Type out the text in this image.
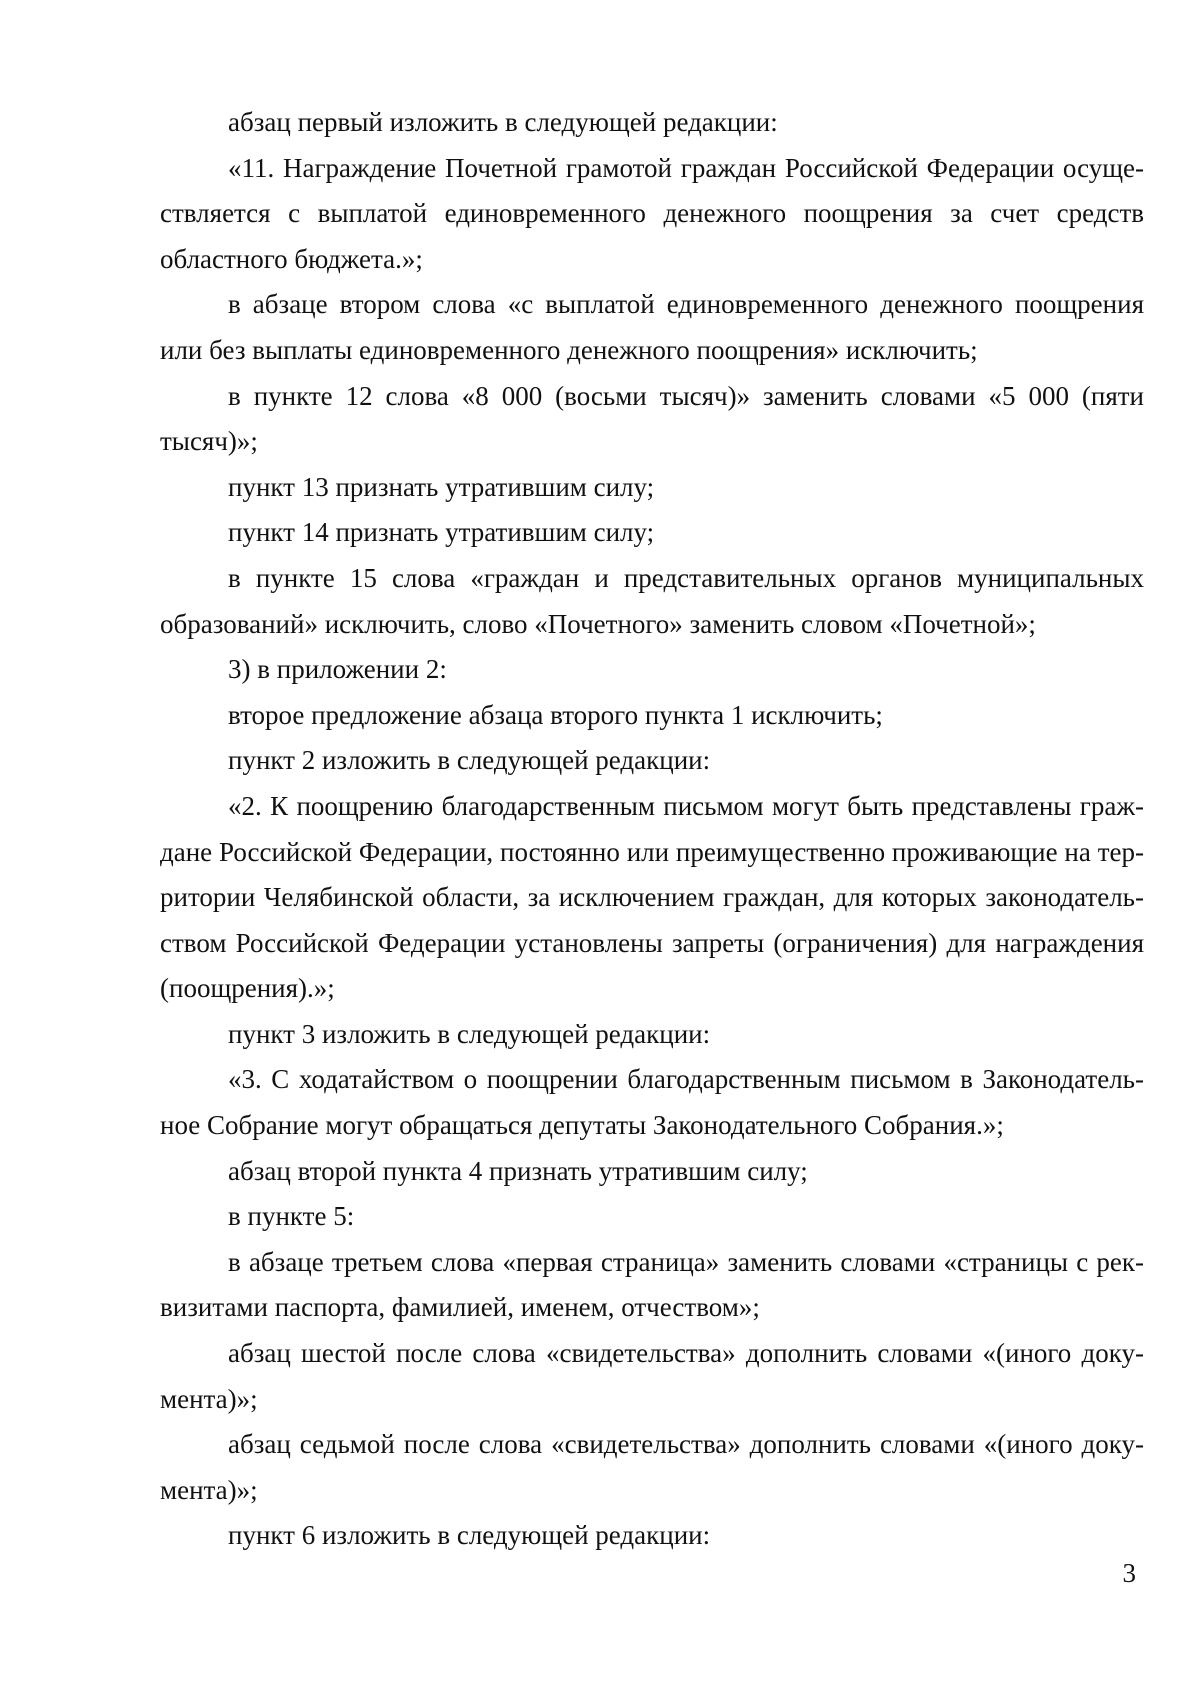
абзац первый изложить в следующей редакции:

«11. Награждение Почетной грамотой граждан Российской Федерации осуществляется с выплатой единовременного денежного поощрения за счет средств областного бюджета.»;

в абзаце втором слова «с выплатой единовременного денежного поощрения или без выплаты единовременного денежного поощрения» исключить;

в пункте 12 слова «8 000 (восьми тысяч)» заменить словами «5 000 (пяти тысяч)»;

пункт 13 признать утратившим силу;

пункт 14 признать утратившим силу;

в пункте 15 слова «граждан и представительных органов муниципальных образований» исключить, слово «Почетного» заменить словом «Почетной»;

3) в приложении 2:

второе предложение абзаца второго пункта 1 исключить;

пункт 2 изложить в следующей редакции:

«2. К поощрению благодарственным письмом могут быть представлены граждане Российской Федерации, постоянно или преимущественно проживающие на территории Челябинской области, за исключением граждан, для которых законодательством Российской Федерации установлены запреты (ограничения) для награждения (поощрения).»;

пункт 3 изложить в следующей редакции:

«3. С ходатайством о поощрении благодарственным письмом в Законодательное Собрание могут обращаться депутаты Законодательного Собрания.»;

абзац второй пункта 4 признать утратившим силу;

в пункте 5:

в абзаце третьем слова «первая страница» заменить словами «страницы с реквизитами паспорта, фамилией, именем, отчеством»;

абзац шестой после слова «свидетельства» дополнить словами «(иного документа)»;

абзац седьмой после слова «свидетельства» дополнить словами «(иного документа)»;

пункт 6 изложить в следующей редакции:

3
